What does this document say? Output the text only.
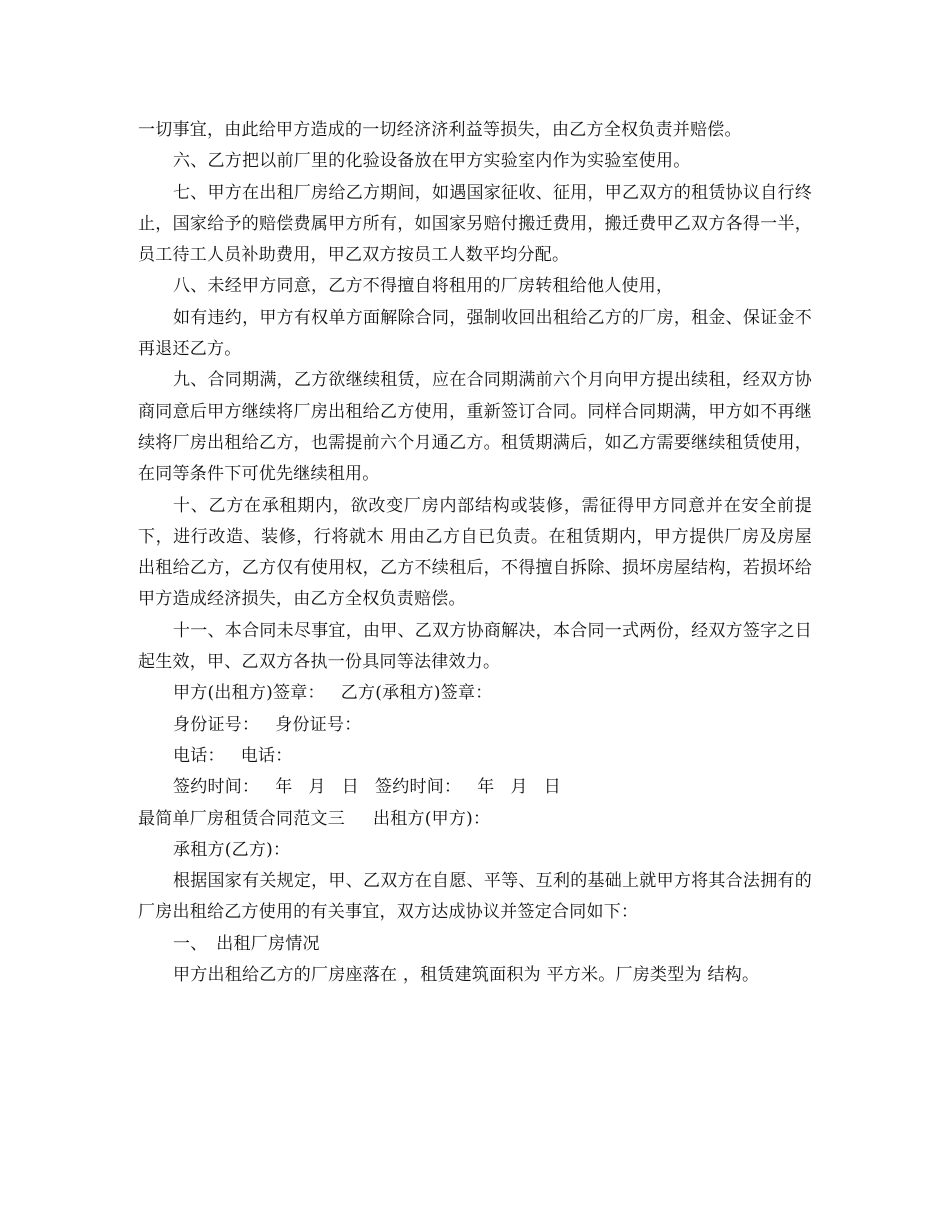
一切事宜，由此给甲方造成的一切经济济利益等损失，由乙方全权负责并赔偿。

六、乙方把以前厂里的化验设备放在甲方实验室内作为实验室使用。

七、甲方在出租厂房给乙方期间，如遇国家征收、征用，甲乙双方的租赁协议自行终止，国家给予的赔偿费属甲方所有，如国家另赔付搬迁费用，搬迁费甲乙双方各得一半，员工待工人员补助费用，甲乙双方按员工人数平均分配。

八、未经甲方同意，乙方不得擅自将租用的厂房转租给他人使用，

如有违约，甲方有权单方面解除合同，强制收回出租给乙方的厂房，租金、保证金不再退还乙方。

九、合同期满，乙方欲继续租赁，应在合同期满前六个月向甲方提出续租，经双方协商同意后甲方继续将厂房出租给乙方使用，重新签订合同。同样合同期满，甲方如不再继续将厂房出租给乙方，也需提前六个月通乙方。租赁期满后，如乙方需要继续租赁使用，在同等条件下可优先继续租用。

十、乙方在承租期内，欲改变厂房内部结构或装修，需征得甲方同意并在安全前提下，进行改造、装修，行将就木 用由乙方自已负责。在租赁期内，甲方提供厂房及房屋出租给乙方，乙方仅有使用权，乙方不续租后，不得擅自拆除、损坏房屋结构，若损坏给甲方造成经济损失，由乙方全权负责赔偿。

十一、本合同未尽事宜，由甲、乙双方协商解决，本合同一式两份，经双方签字之日起生效，甲、乙双方各执一份具同等法律效力。

甲方(出租方)签章： 乙方(承租方)签章：

身份证号： 身份证号：

电话： 电话：

签约时间： 年 月 日 签约时间： 年 月 日

最简单厂房租赁合同范文三 出租方(甲方)：

承租方(乙方)：

根据国家有关规定，甲、乙双方在自愿、平等、互利的基础上就甲方将其合法拥有的厂房出租给乙方使用的有关事宜，双方达成协议并签定合同如下：

一、　出租厂房情况

甲方出租给乙方的厂房座落在 ，租赁建筑面积为 平方米。厂房类型为 结构。
